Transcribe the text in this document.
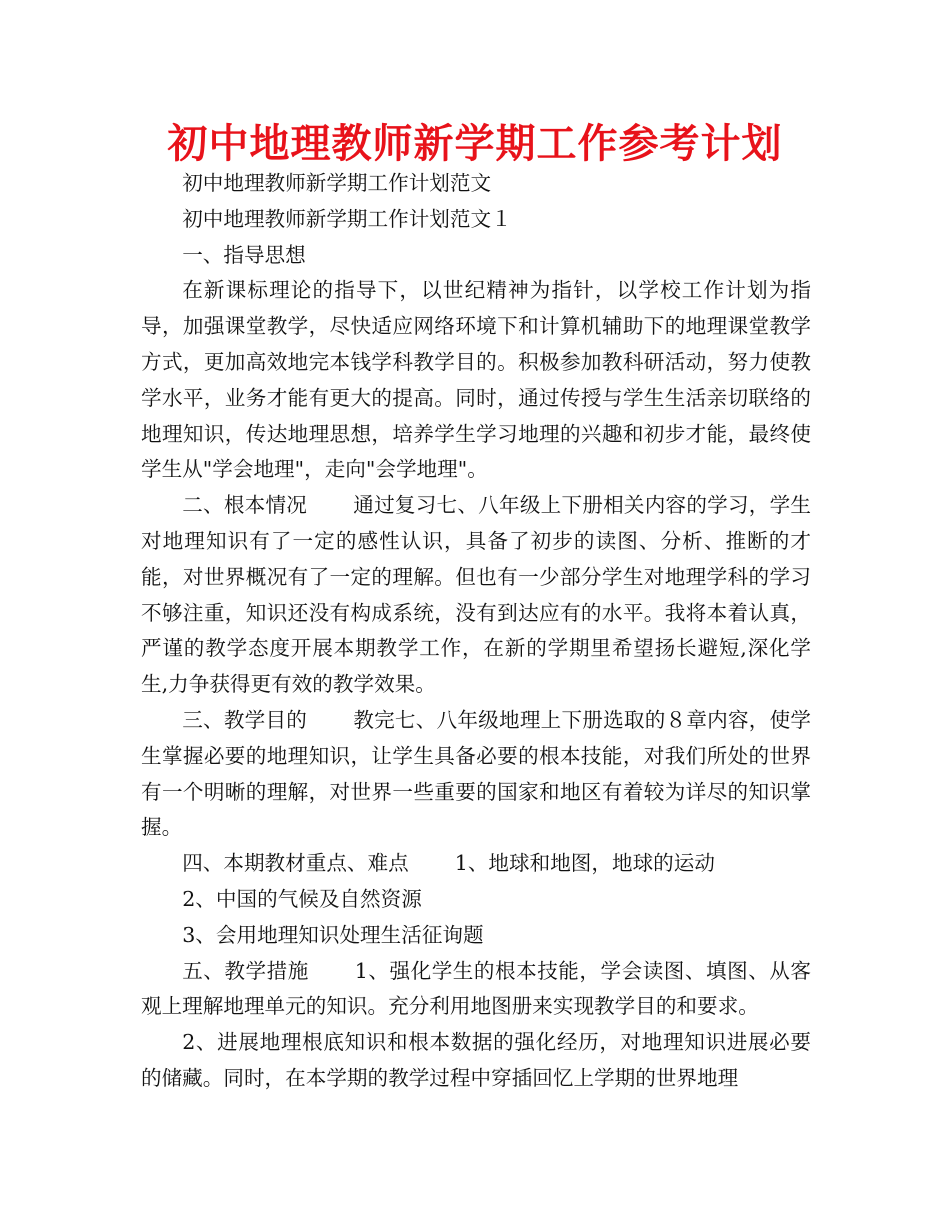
初中地理教师新学期工作参考计划

初中地理教师新学期工作计划范文

初中地理教师新学期工作计划范文１

一、指导思想

在新课标理论的指导下，以世纪精神为指针，以学校工作计划为指导，加强课堂教学，尽快适应网络环境下和计算机辅助下的地理课堂教学方式，更加高效地完本钱学科教学目的。积极参加教科研活动，努力使教学水平，业务才能有更大的提高。同时，通过传授与学生生活亲切联络的地理知识，传达地理思想，培养学生学习地理的兴趣和初步才能，最终使学生从"学会地理"，走向"会学地理"。

二、根本情况 通过复习七、八年级上下册相关内容的学习，学生对地理知识有了一定的感性认识，具备了初步的读图、分析、推断的才能，对世界概况有了一定的理解。但也有一少部分学生对地理学科的学习不够注重，知识还没有构成系统，没有到达应有的水平。我将本着认真，严谨的教学态度开展本期教学工作，在新的学期里希望扬长避短,深化学生,力争获得更有效的教学效果。

三、教学目的 教完七、八年级地理上下册选取的８章内容，使学生掌握必要的地理知识，让学生具备必要的根本技能，对我们所处的世界有一个明晰的理解，对世界一些重要的国家和地区有着较为详尽的知识掌握。

四、本期教材重点、难点 1、地球和地图，地球的运动

2、中国的气候及自然资源

3、会用地理知识处理生活征询题

五、教学措施 1、强化学生的根本技能，学会读图、填图、从客观上理解地理单元的知识。充分利用地图册来实现教学目的和要求。

2、进展地理根底知识和根本数据的强化经历，对地理知识进展必要的储藏。同时，在本学期的教学过程中穿插回忆上学期的世界地理
